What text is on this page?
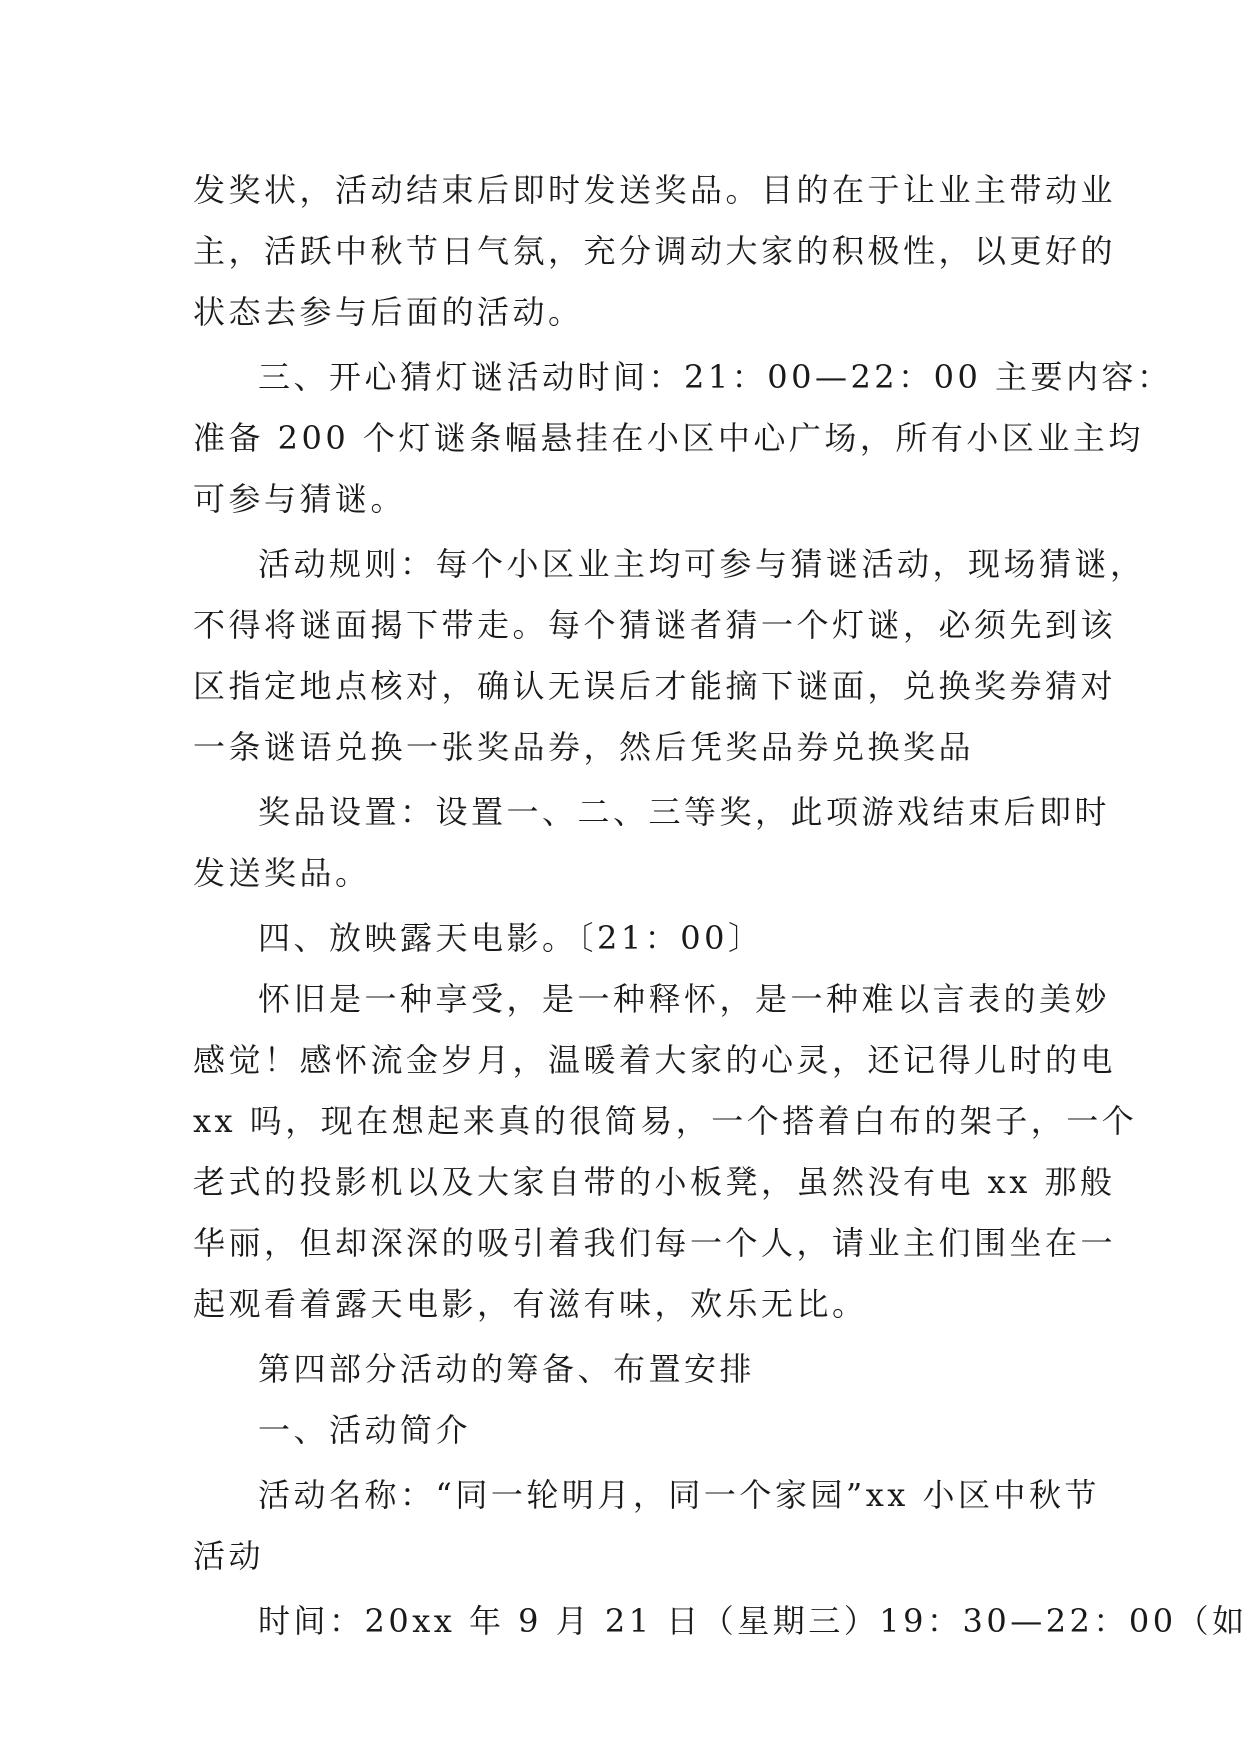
发奖状，活动结束后即时发送奖品。目的在于让业主带动业
主，活跃中秋节日气氛，充分调动大家的积极性，以更好的
状态去参与后面的活动。
三、开心猜灯谜活动时间：21：00—22：00 主要内容：
准备 200 个灯谜条幅悬挂在小区中心广场，所有小区业主均
可参与猜谜。
活动规则：每个小区业主均可参与猜谜活动，现场猜谜，
不得将谜面揭下带走。每个猜谜者猜一个灯谜，必须先到该
区指定地点核对，确认无误后才能摘下谜面，兑换奖券猜对
一条谜语兑换一张奖品券，然后凭奖品券兑换奖品
奖品设置：设置一、二、三等奖，此项游戏结束后即时
发送奖品。
四、放映露天电影。〔21：00〕
怀旧是一种享受，是一种释怀，是一种难以言表的美妙
感觉！感怀流金岁月，温暖着大家的心灵，还记得儿时的电
xx 吗，现在想起来真的很简易，一个搭着白布的架子，一个
老式的投影机以及大家自带的小板凳，虽然没有电 xx 那般
华丽，但却深深的吸引着我们每一个人，请业主们围坐在一
起观看着露天电影，有滋有味，欢乐无比。
第四部分活动的筹备、布置安排
一、活动简介
活动名称：“同一轮明月，同一个家园”xx 小区中秋节
活动
时间：20xx 年 9 月 21 日（星期三）19：30—22：00（如
